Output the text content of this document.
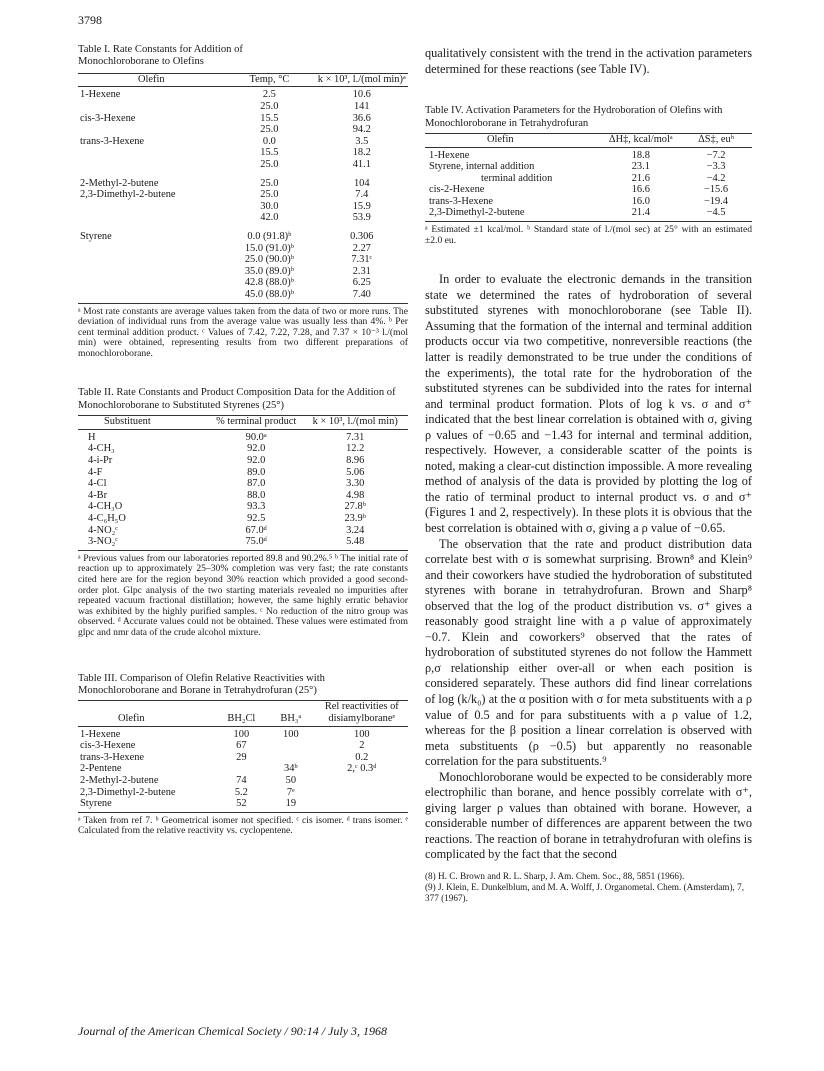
3798

Table I. Rate Constants for Addition of Monochloroborane to Olefins

Olefin	Temp, °C	k × 10³, l./(mol min)ᵃ
1-Hexene	2.5	10.6
	25.0	141
cis-3-Hexene	15.5	36.6
	25.0	94.2
trans-3-Hexene	0.0	3.5
	15.5	18.2
	25.0	41.1
2-Methyl-2-butene	25.0	104
2,3-Dimethyl-2-butene	25.0	7.4
	30.0	15.9
	42.0	53.9
Styrene	0.0 (91.8)ᵇ	0.306
	15.0 (91.0)ᵇ	2.27
	25.0 (90.0)ᵇ	7.31ᶜ
	35.0 (89.0)ᵇ	2.31
	42.8 (88.0)ᵇ	6.25
	45.0 (88.0)ᵇ	7.40

ᵃ Most rate constants are average values taken from the data of two or more runs. The deviation of individual runs from the average value was usually less than 4%. ᵇ Per cent terminal addition product. ᶜ Values of 7.42, 7.22, 7.28, and 7.37 × 10⁻³ l./(mol min) were obtained, representing results from two different preparations of monochloroborane.

Table II. Rate Constants and Product Composition Data for the Addition of Monochloroborane to Substituted Styrenes (25°)

Substituent	% terminal product	k × 10³, l./(mol min)
H	90.0ᵃ	7.31
4-CH₃	92.0	12.2
4-i-Pr	92.0	8.96
4-F	89.0	5.06
4-Cl	87.0	3.30
4-Br	88.0	4.98
4-CH₃O	93.3	27.8ᵇ
4-C₆H₅O	92.5	23.9ᵇ
4-NO₂ᶜ	67.0ᵈ	3.24
3-NO₂ᶜ	75.0ᵈ	5.48

ᵃ Previous values from our laboratories reported 89.8 and 90.2%.⁵ ᵇ The initial rate of reaction up to approximately 25–30% completion was very fast; the rate constants cited here are for the region beyond 30% reaction which provided a good second-order plot. Glpc analysis of the two starting materials revealed no impurities after repeated vacuum fractional distillation; however, the same highly erratic behavior was exhibited by the highly purified samples. ᶜ No reduction of the nitro group was observed. ᵈ Accurate values could not be obtained. These values were estimated from glpc and nmr data of the crude alcohol mixture.

Table III. Comparison of Olefin Relative Reactivities with Monochloroborane and Borane in Tetrahydrofuran (25°)

Olefin	BH₂Cl	BH₃ᵃ	Rel reactivities of disiamylboraneᵉ
1-Hexene	100	100	100
cis-3-Hexene	67		2
trans-3-Hexene	29		0.2
2-Pentene		34ᵇ	2,ᶜ 0.3ᵈ
2-Methyl-2-butene	74	50	
2,3-Dimethyl-2-butene	5.2	7ᵉ	
Styrene	52	19	

ᵃ Taken from ref 7. ᵇ Geometrical isomer not specified. ᶜ cis isomer. ᵈ trans isomer. ᵉ Calculated from the relative reactivity vs. cyclopentene.

qualitatively consistent with the trend in the activation parameters determined for these reactions (see Table IV).

Table IV. Activation Parameters for the Hydroboration of Olefins with Monochloroborane in Tetrahydrofuran

Olefin	ΔH‡, kcal/molᵃ	ΔS‡, euᵇ
1-Hexene	18.8	−7.2
Styrene, internal addition	23.1	−3.3
terminal addition	21.6	−4.2
cis-2-Hexene	16.6	−15.6
trans-3-Hexene	16.0	−19.4
2,3-Dimethyl-2-butene	21.4	−4.5

ᵃ Estimated ±1 kcal/mol. ᵇ Standard state of l./(mol sec) at 25° with an estimated ±2.0 eu.

In order to evaluate the electronic demands in the transition state we determined the rates of hydroboration of several substituted styrenes with monochloroborane (see Table II). Assuming that the formation of the internal and terminal addition products occur via two competitive, nonreversible reactions (the latter is readily demonstrated to be true under the conditions of the experiments), the total rate for the hydroboration of the substituted styrenes can be subdivided into the rates for internal and terminal product formation. Plots of log k vs. σ and σ⁺ indicated that the best linear correlation is obtained with σ, giving ρ values of −0.65 and −1.43 for internal and terminal addition, respectively. However, a considerable scatter of the points is noted, making a clear-cut distinction impossible. A more revealing method of analysis of the data is provided by plotting the log of the ratio of terminal product to internal product vs. σ and σ⁺ (Figures 1 and 2, respectively). In these plots it is obvious that the best correlation is obtained with σ, giving a ρ value of −0.65.

The observation that the rate and product distribution data correlate best with σ is somewhat surprising. Brown⁸ and Klein⁹ and their coworkers have studied the hydroboration of substituted styrenes with borane in tetrahydrofuran. Brown and Sharp⁸ observed that the log of the product distribution vs. σ⁺ gives a reasonably good straight line with a ρ value of approximately −0.7. Klein and coworkers⁹ observed that the rates of hydroboration of substituted styrenes do not follow the Hammett ρ,σ relationship either over-all or when each position is considered separately. These authors did find linear correlations of log (k/k₀) at the α position with σ for meta substituents with a ρ value of 0.5 and for para substituents with a ρ value of 1.2, whereas for the β position a linear correlation is observed with meta substituents (ρ −0.5) but apparently no reasonable correlation for the para substituents.⁹

Monochloroborane would be expected to be considerably more electrophilic than borane, and hence possibly correlate with σ⁺, giving larger ρ values than obtained with borane. However, a considerable number of differences are apparent between the two reactions. The reaction of borane in tetrahydrofuran with olefins is complicated by the fact that the second

(8) H. C. Brown and R. L. Sharp, J. Am. Chem. Soc., 88, 5851 (1966).

(9) J. Klein, E. Dunkelblum, and M. A. Wolff, J. Organometal. Chem. (Amsterdam), 7, 377 (1967).

Journal of the American Chemical Society / 90:14 / July 3, 1968
